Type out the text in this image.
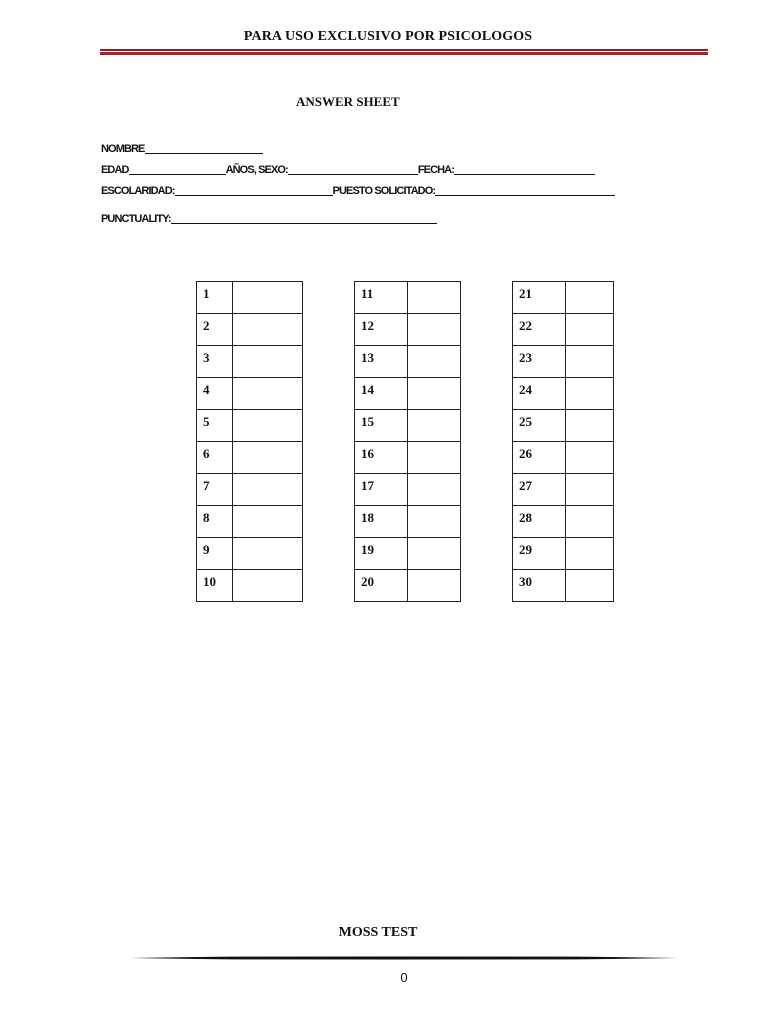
PARA USO EXCLUSIVO POR PSICOLOGOS
ANSWER SHEET
NOMBRE
EDAD	AÑOS, SEXO:	FECHA:
ESCOLARIDAD:	PUESTO SOLICITADO:
PUNCTUALITY:
1	
2	
3	
4	
5	
6	
7	
8	
9	
10	
11	
12	
13	
14	
15	
16	
17	
18	
19	
20	
21	
22	
23	
24	
25	
26	
27	
28	
29	
30	
MOSS TEST
0
